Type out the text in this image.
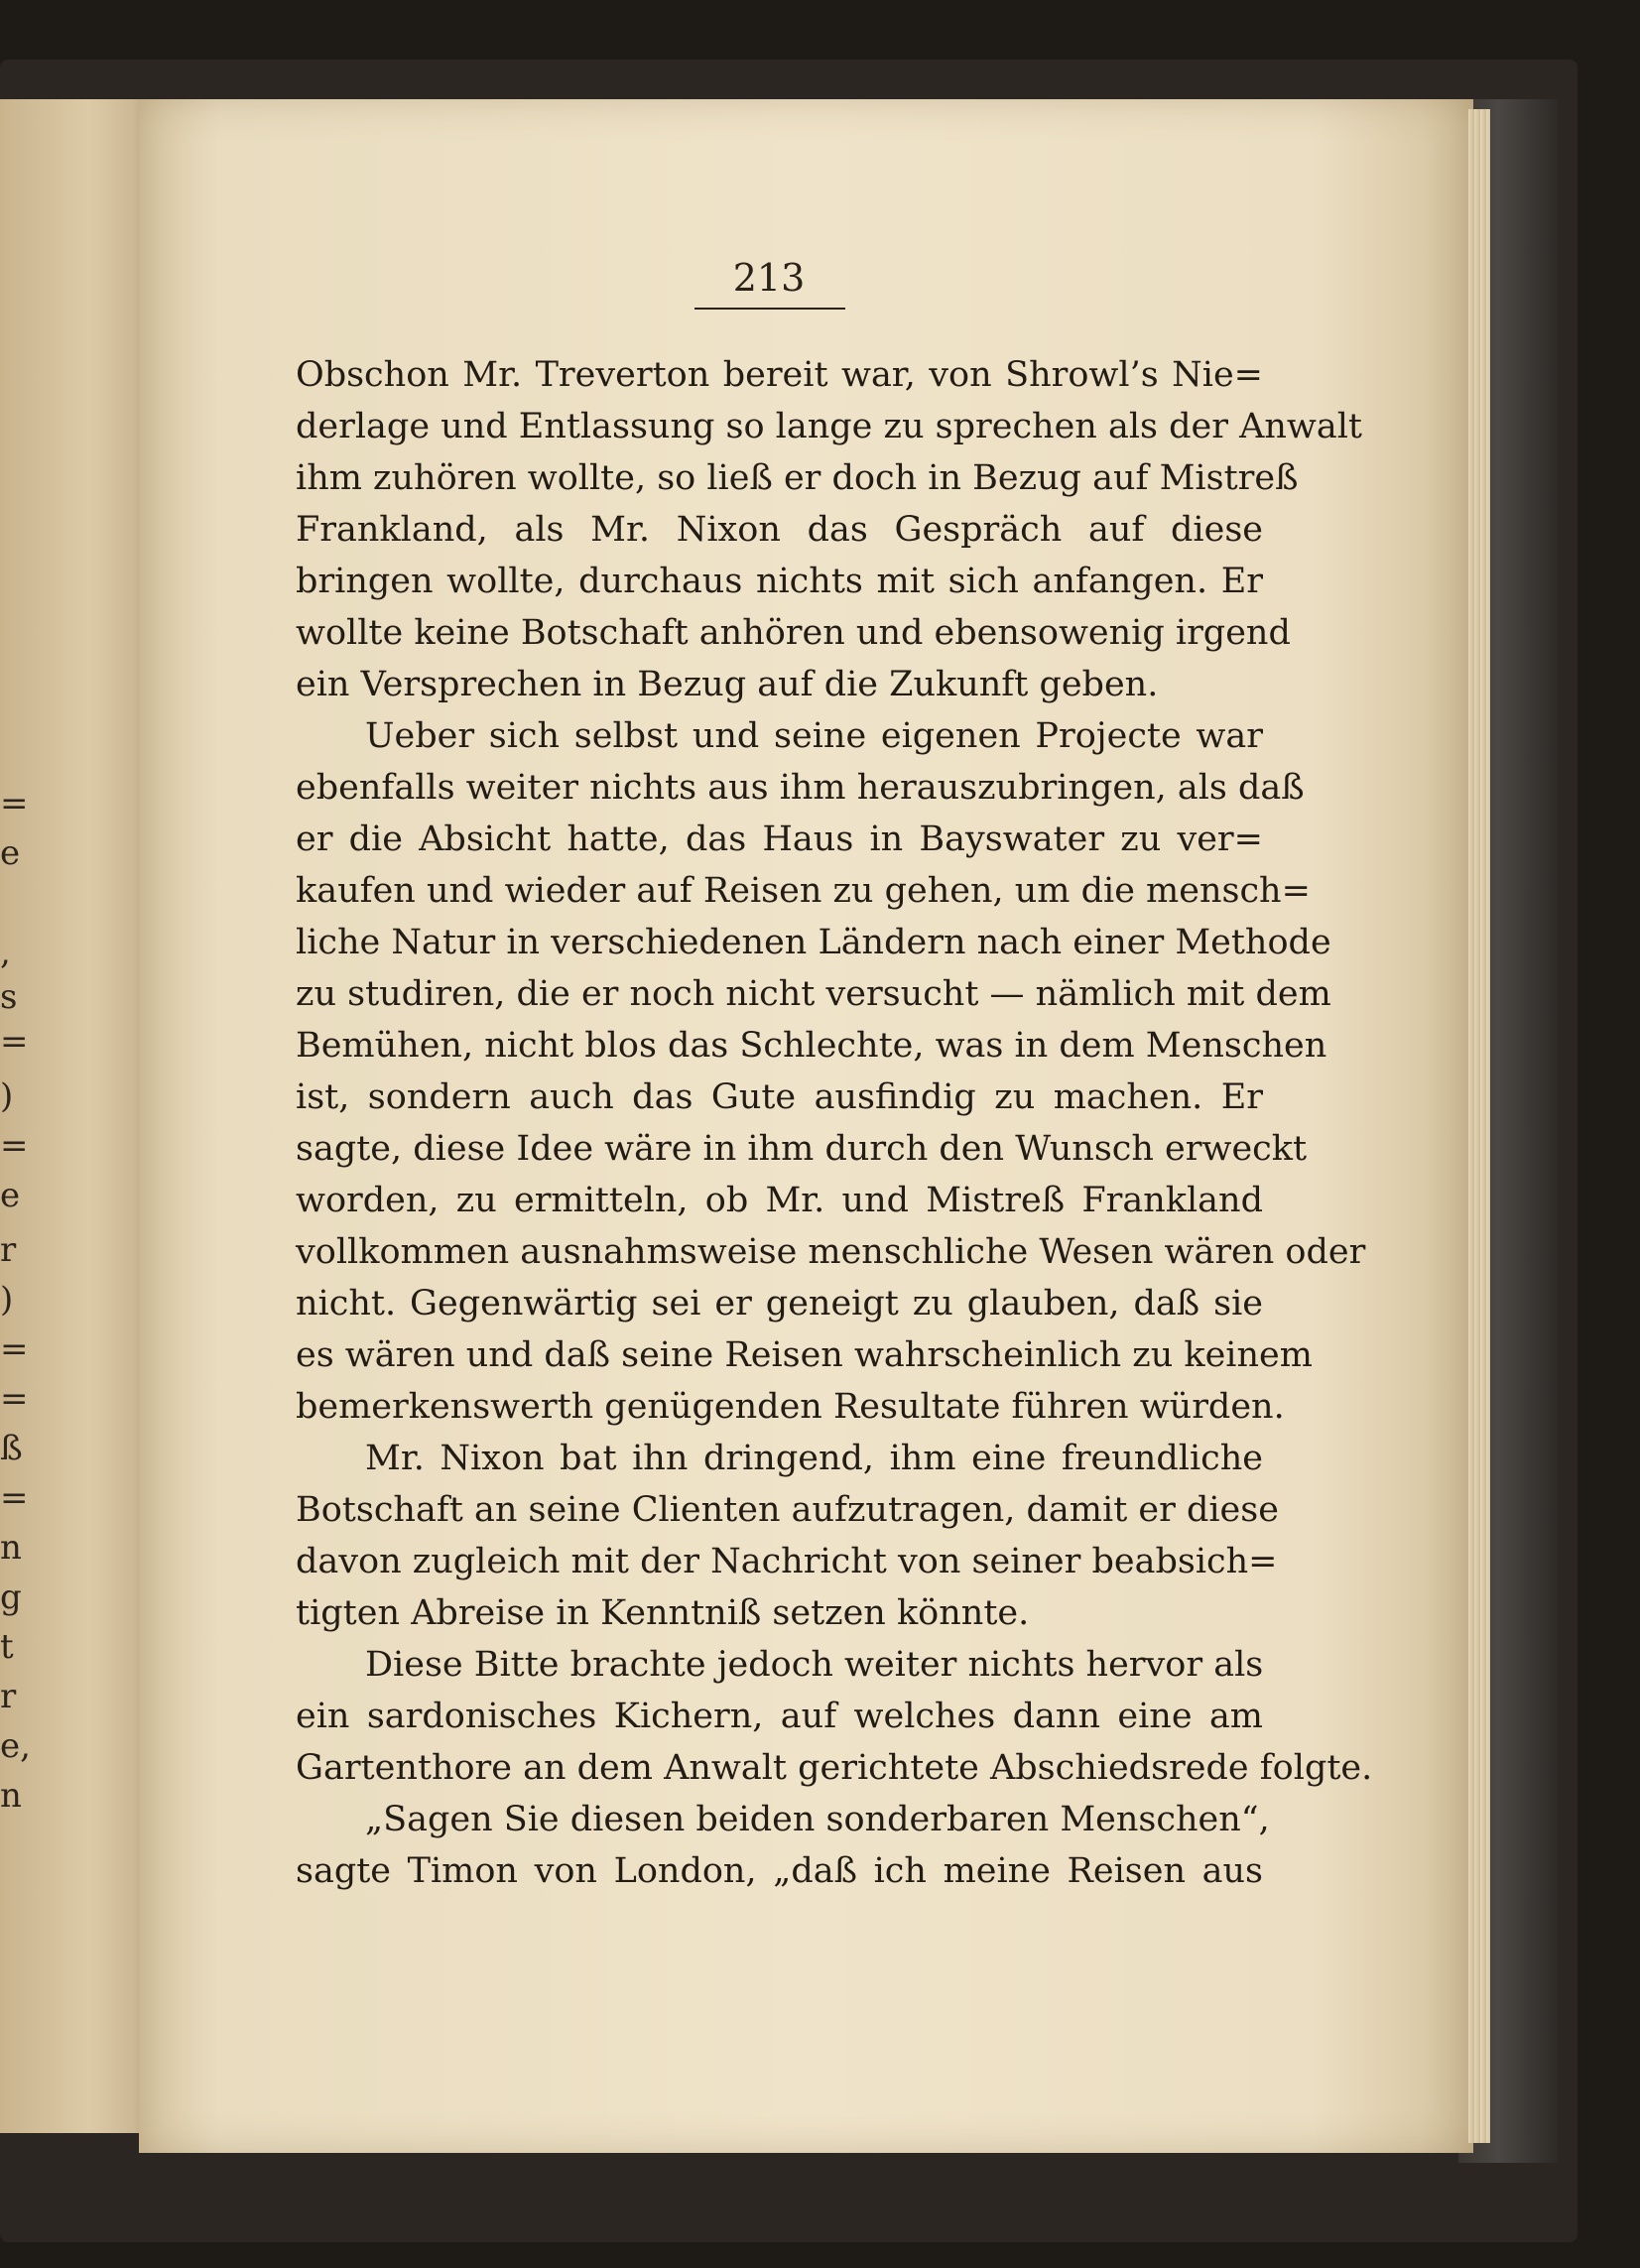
=
e
,
s
=
)
=
e
r
)
=
=
ß
=
n
g
t
r
e,
n
213
Obschon Mr. Treverton bereit war, von Shrowl’s Nie=
derlage und Entlassung so lange zu sprechen als der Anwalt
ihm zuhören wollte, so ließ er doch in Bezug auf Mistreß
Frankland, als Mr. Nixon das Gespräch auf diese
bringen wollte, durchaus nichts mit sich anfangen. Er
wollte keine Botschaft anhören und ebensowenig irgend
ein Versprechen in Bezug auf die Zukunft geben.
Ueber sich selbst und seine eigenen Projecte war
ebenfalls weiter nichts aus ihm herauszubringen, als daß
er die Absicht hatte, das Haus in Bayswater zu ver=
kaufen und wieder auf Reisen zu gehen, um die mensch=
liche Natur in verschiedenen Ländern nach einer Methode
zu studiren, die er noch nicht versucht — nämlich mit dem
Bemühen, nicht blos das Schlechte, was in dem Menschen
ist, sondern auch das Gute ausfindig zu machen. Er
sagte, diese Idee wäre in ihm durch den Wunsch erweckt
worden, zu ermitteln, ob Mr. und Mistreß Frankland
vollkommen ausnahmsweise menschliche Wesen wären oder
nicht. Gegenwärtig sei er geneigt zu glauben, daß sie
es wären und daß seine Reisen wahrscheinlich zu keinem
bemerkenswerth genügenden Resultate führen würden.
Mr. Nixon bat ihn dringend, ihm eine freundliche
Botschaft an seine Clienten aufzutragen, damit er diese
davon zugleich mit der Nachricht von seiner beabsich=
tigten Abreise in Kenntniß setzen könnte.
Diese Bitte brachte jedoch weiter nichts hervor als
ein sardonisches Kichern, auf welches dann eine am
Gartenthore an dem Anwalt gerichtete Abschiedsrede folgte.
„Sagen Sie diesen beiden sonderbaren Menschen“,
sagte Timon von London, „daß ich meine Reisen aus
